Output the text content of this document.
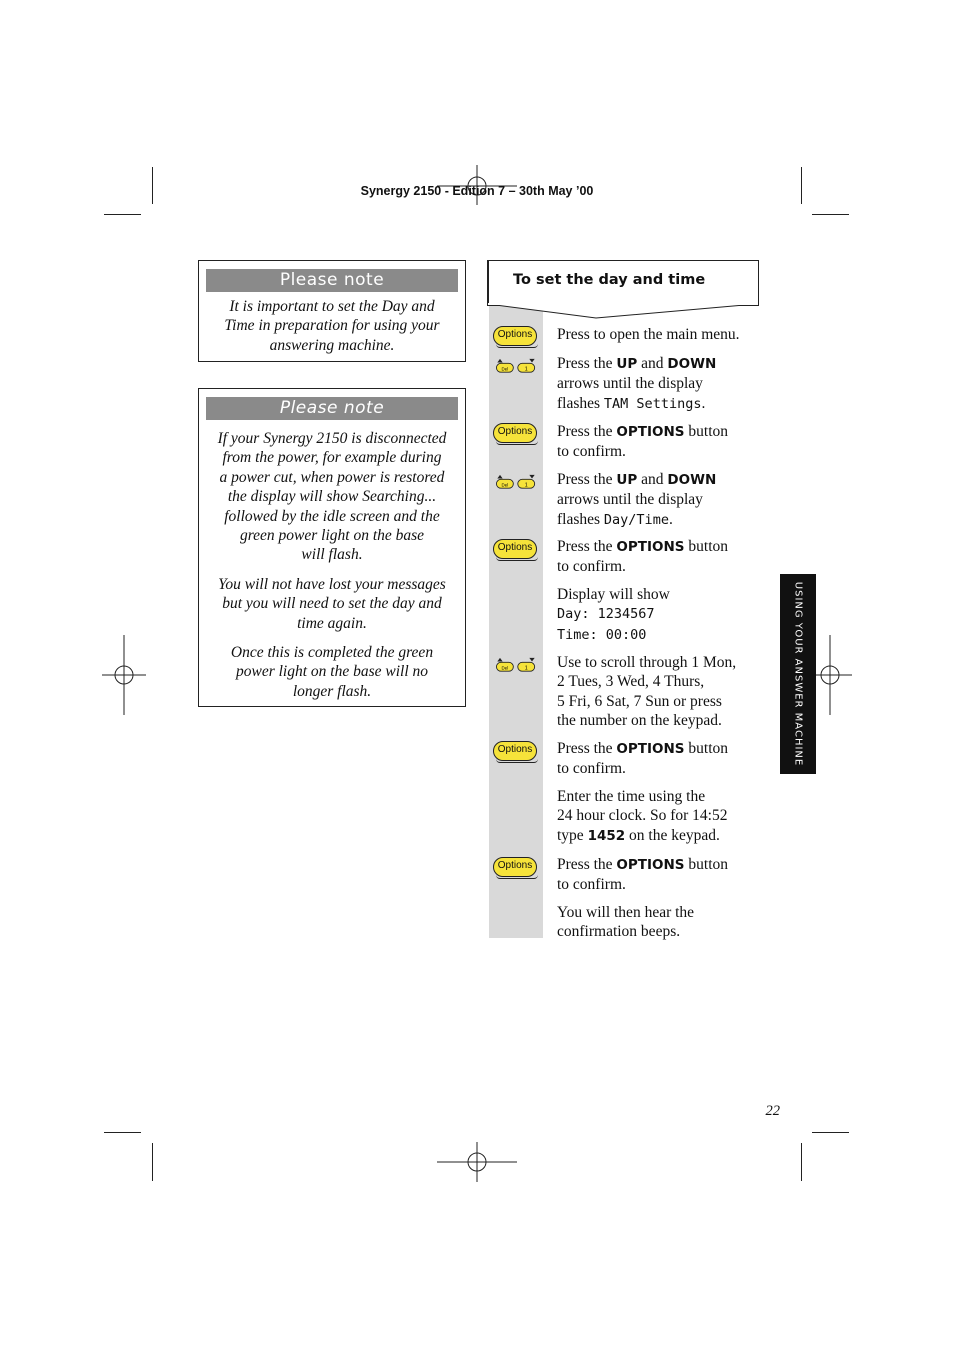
Synergy 2150 - Edition 7 – 30th May ’00
Please note

It is important to set the Day and

Time in preparation for using your

answering machine.

Please note

If your Synergy 2150 is disconnected

from the power, for example during

a power cut, when power is restored

the display will show Searching...

followed by the idle screen and the

green power light on the base

will flash.

You will not have lost your messages

but you will need to set the day and

time again.

Once this is completed the green

power light on the base will no

longer flash.

To set the day and time
Options	Press to open the main menu.
Del	1 Press the UP and DOWN
arrows until the display
flashes TAM Settings.
Options	Press the OPTIONS button
to confirm.
Del	1 Press the UP and DOWN
arrows until the display
flashes Day/Time.
Options	Press the OPTIONS button
to confirm.
Display will show
Day: 1234567
Time: 00:00
Del	1 Use to scroll through 1 Mon,
2 Tues, 3 Wed, 4 Thurs,
5 Fri, 6 Sat, 7 Sun or press
the number on the keypad.
Options	Press the OPTIONS button
to confirm.
Enter the time using the
24 hour clock. So for 14:52
type 1452 on the keypad.
Options	Press the OPTIONS button
to confirm.
You will then hear the
confirmation beeps.
USING YOUR ANSWER MACHINE
22
